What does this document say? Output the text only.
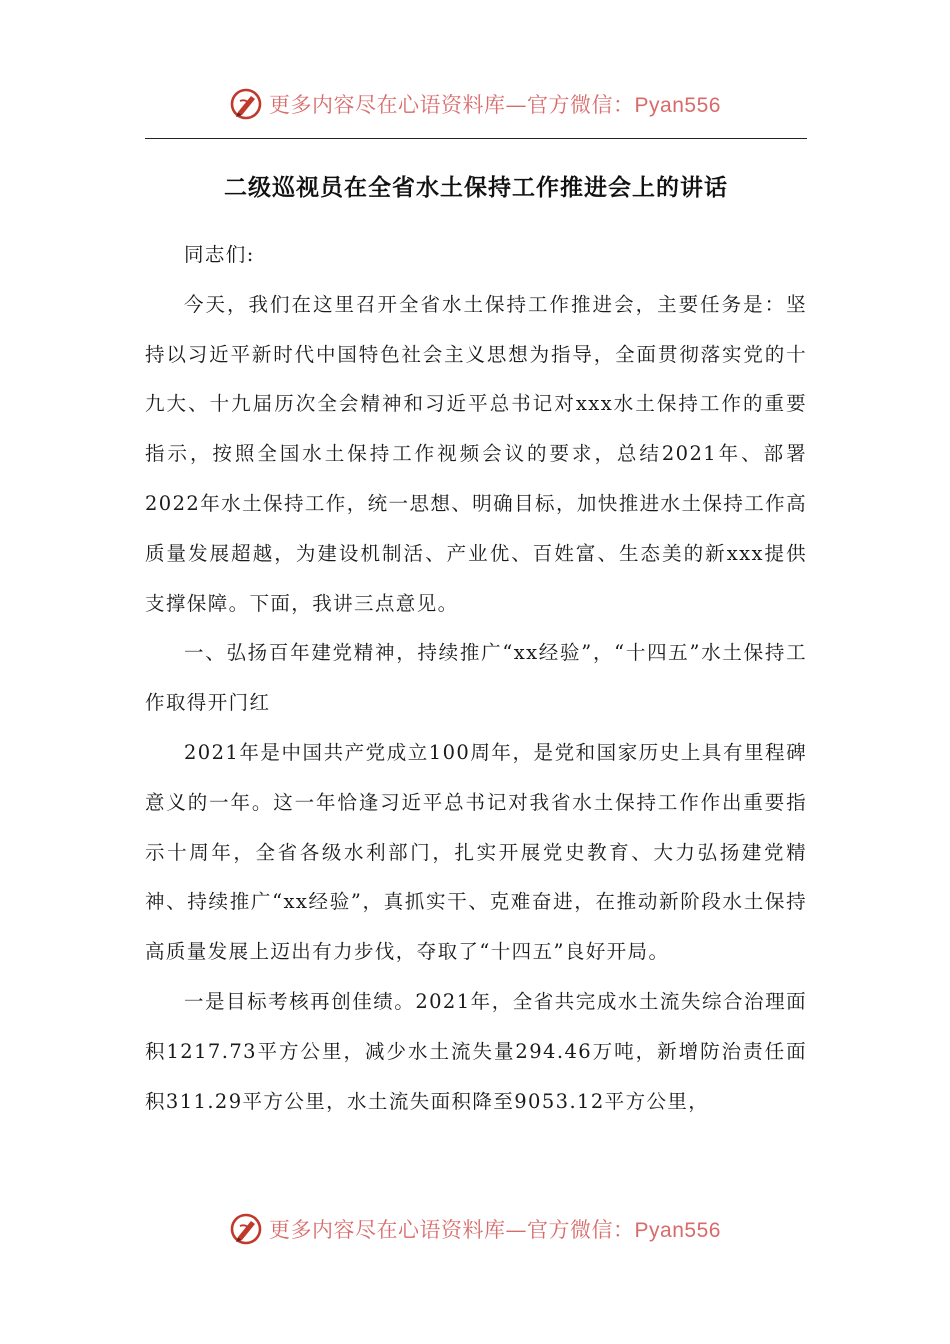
更多内容尽在心语资料库—官方微信：Pyan556
二级巡视员在全省水土保持工作推进会上的讲话

同志们:

今天，我们在这里召开全省水土保持工作推进会，主要任务是：坚持以习近平新时代中国特色社会主义思想为指导，全面贯彻落实党的十九大、十九届历次全会精神和习近平总书记对xxx水土保持工作的重要指示，按照全国水土保持工作视频会议的要求，总结2021年、部署2022年水土保持工作，统一思想、明确目标，加快推进水土保持工作高质量发展超越，为建设机制活、产业优、百姓富、生态美的新xxx提供支撑保障。下面，我讲三点意见。

一、弘扬百年建党精神，持续推广“xx经验”，“十四五”水土保持工作取得开门红

2021年是中国共产党成立100周年，是党和国家历史上具有里程碑意义的一年。这一年恰逢习近平总书记对我省水土保持工作作出重要指示十周年，全省各级水利部门，扎实开展党史教育、大力弘扬建党精神、持续推广“xx经验”，真抓实干、克难奋进，在推动新阶段水土保持高质量发展上迈出有力步伐，夺取了“十四五”良好开局。

一是目标考核再创佳绩。2021年，全省共完成水土流失综合治理面积1217.73平方公里，减少水土流失量294.46万吨，新增防治责任面积311.29平方公里，水土流失面积降至9053.12平方公里，

更多内容尽在心语资料库—官方微信：Pyan556
